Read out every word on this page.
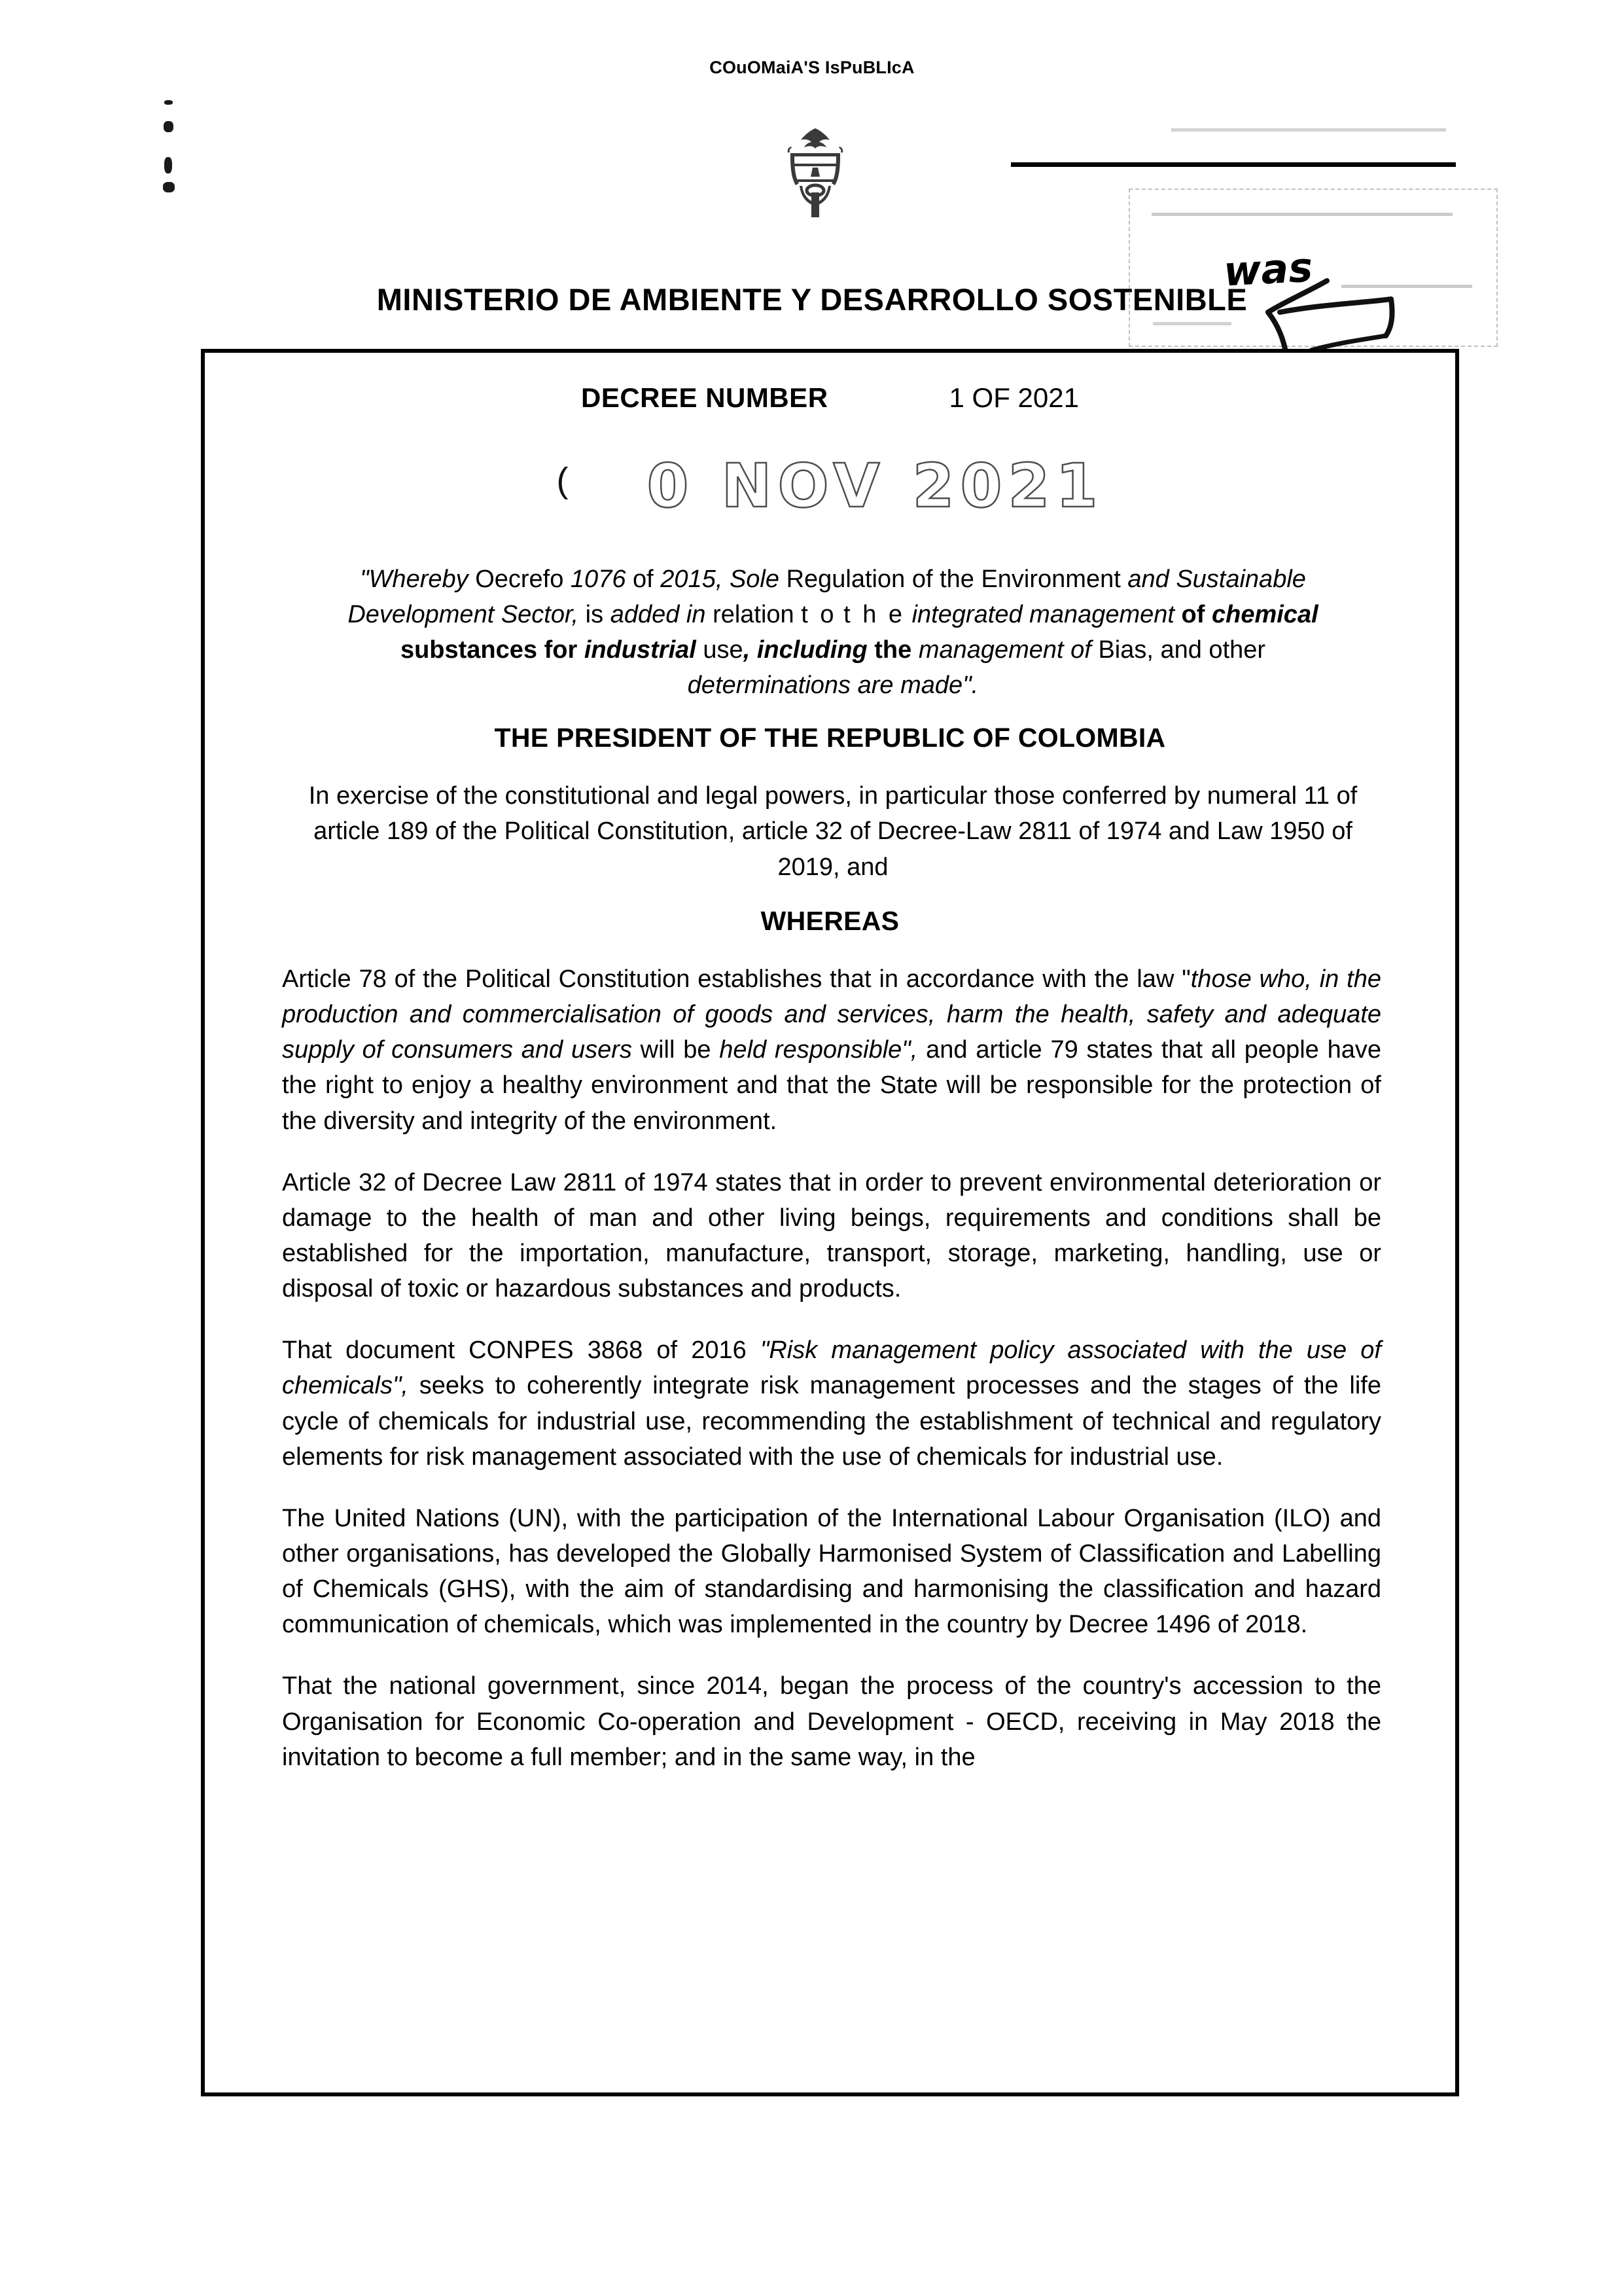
COuOMaiA'S IsPuBLIcA
MINISTERIO DE AMBIENTE Y DESARROLLO SOSTENIBLE
was
DECREE NUMBER	1 OF 2021
( 0 NOV 2021
"Whereby Oecrefo 1076 of 2015, Sole Regulation of the Environment and Sustainable Development Sector, is added in relation t o t h e integrated management of chemical substances for industrial use, including the management of Bias, and other determinations are made".
THE PRESIDENT OF THE REPUBLIC OF COLOMBIA
In exercise of the constitutional and legal powers, in particular those conferred by numeral 11 of article 189 of the Political Constitution, article 32 of Decree-Law 2811 of 1974 and Law 1950 of 2019, and
WHEREAS

Article 78 of the Political Constitution establishes that in accordance with the law "those who, in the production and commercialisation of goods and services, harm the health, safety and adequate supply of consumers and users will be held responsible", and article 79 states that all people have the right to enjoy a healthy environment and that the State will be responsible for the protection of the diversity and integrity of the environment.

Article 32 of Decree Law 2811 of 1974 states that in order to prevent environmental deterioration or damage to the health of man and other living beings, requirements and conditions shall be established for the importation, manufacture, transport, storage, marketing, handling, use or disposal of toxic or hazardous substances and products.

That document CONPES 3868 of 2016 "Risk management policy associated with the use of chemicals", seeks to coherently integrate risk management processes and the stages of the life cycle of chemicals for industrial use, recommending the establishment of technical and regulatory elements for risk management associated with the use of chemicals for industrial use.

The United Nations (UN), with the participation of the International Labour Organisation (ILO) and other organisations, has developed the Globally Harmonised System of Classification and Labelling of Chemicals (GHS), with the aim of standardising and harmonising the classification and hazard communication of chemicals, which was implemented in the country by Decree 1496 of 2018.

That the national government, since 2014, began the process of the country's accession to the Organisation for Economic Co-operation and Development - OECD, receiving in May 2018 the invitation to become a full member; and in the same way, in the
